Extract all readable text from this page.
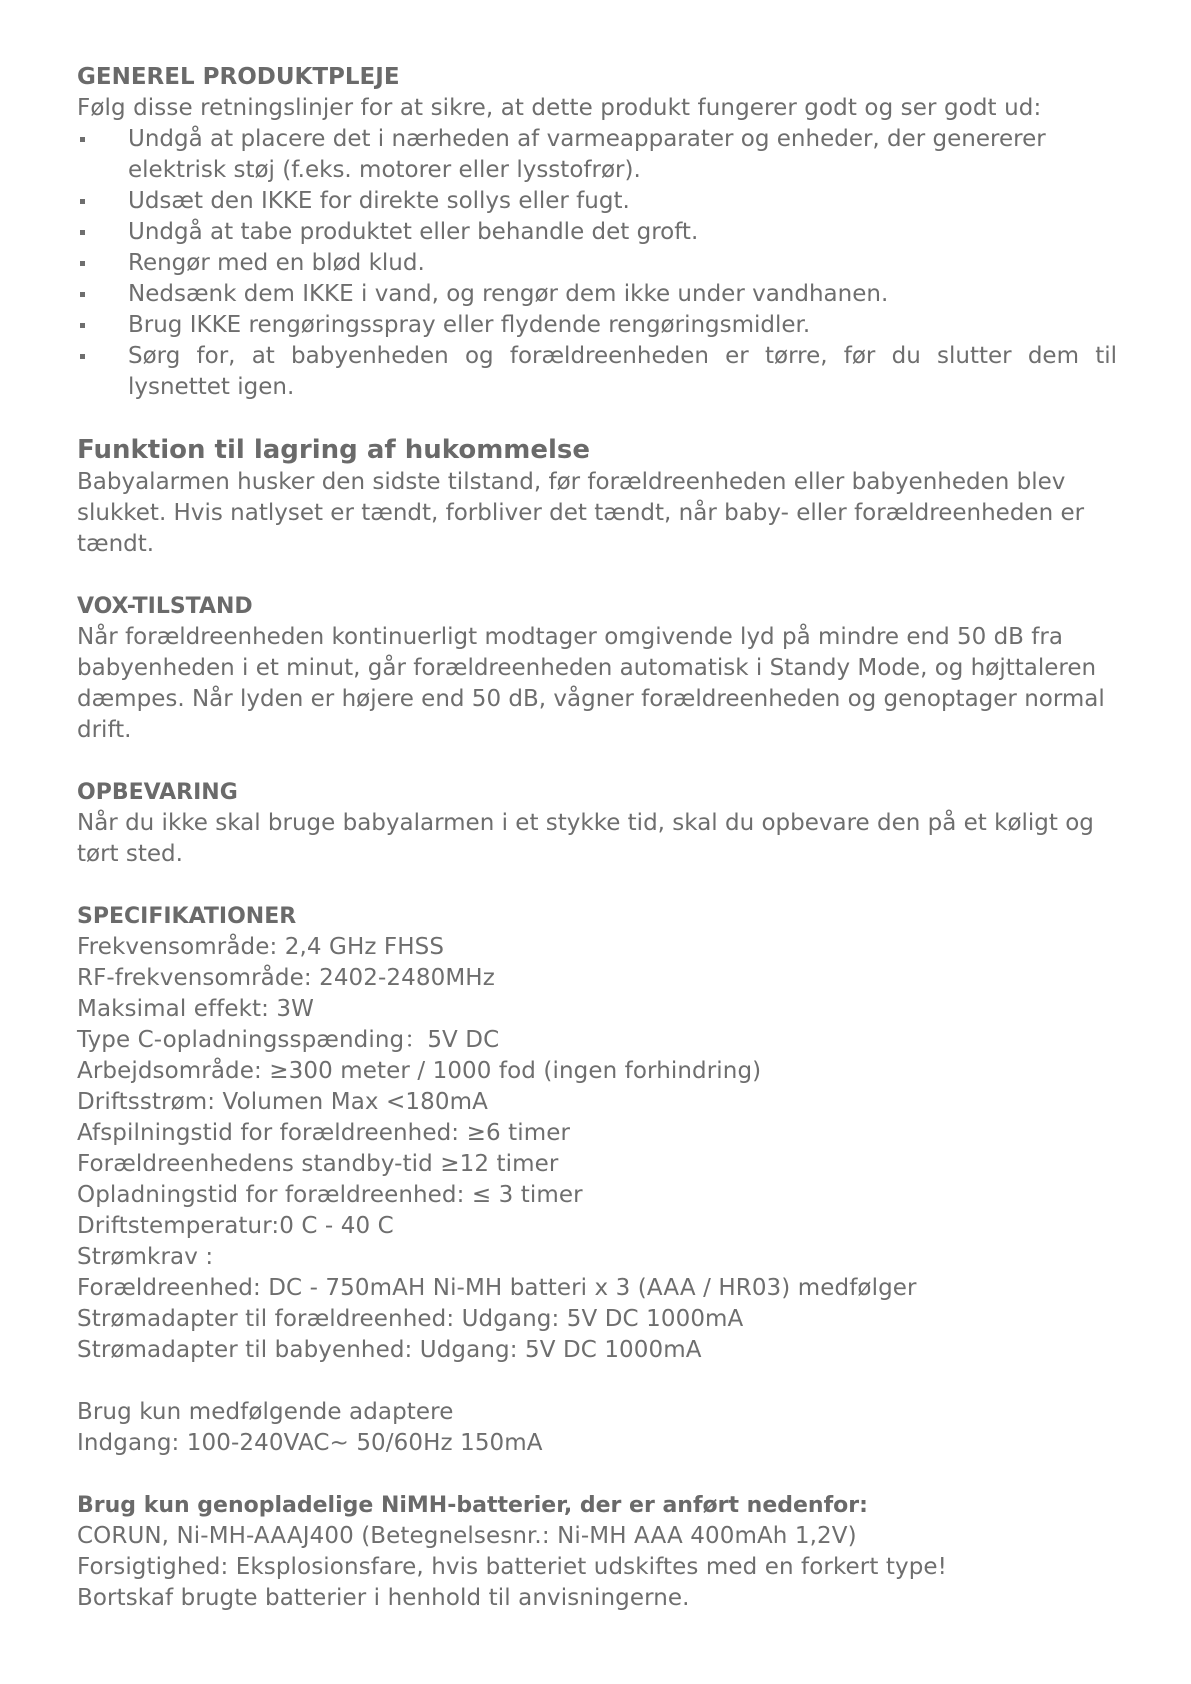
GENEREL PRODUKTPLEJE

Følg disse retningslinjer for at sikre, at dette produkt fungerer godt og ser godt ud:

Undgå at placere det i nærheden af varmeapparater og enheder, der genererer elektrisk støj (f.eks. motorer eller lysstofrør).
Udsæt den IKKE for direkte sollys eller fugt.
Undgå at tabe produktet eller behandle det groft.
Rengør med en blød klud.
Nedsænk dem IKKE i vand, og rengør dem ikke under vandhanen.
Brug IKKE rengøringsspray eller flydende rengøringsmidler.
Sørg for, at babyenheden og forældreenheden er tørre, før du slutter dem til lysnettet igen.

Funktion til lagring af hukommelse

Babyalarmen husker den sidste tilstand, før forældreenheden eller babyenheden blev slukket. Hvis natlyset er tændt, forbliver det tændt, når baby- eller forældreenheden er tændt.

VOX-TILSTAND

Når forældreenheden kontinuerligt modtager omgivende lyd på mindre end 50 dB fra babyenheden i et minut, går forældreenheden automatisk i Standy Mode, og højttaleren dæmpes. Når lyden er højere end 50 dB, vågner forældreenheden og genoptager normal drift.

OPBEVARING

Når du ikke skal bruge babyalarmen i et stykke tid, skal du opbevare den på et køligt og tørt sted.

SPECIFIKATIONER

Frekvensområde: 2,4 GHz FHSS

RF-frekvensområde: 2402-2480MHz

Maksimal effekt: 3W

Type C-opladningsspænding：5V DC

Arbejdsområde: ≥300 meter / 1000 fod (ingen forhindring)

Driftsstrøm: Volumen Max <180mA

Afspilningstid for forældreenhed: ≥6 timer

Forældreenhedens standby-tid ≥12 timer

Opladningstid for forældreenhed: ≤ 3 timer

Driftstemperatur:0 C - 40 C

Strømkrav :

Forældreenhed: DC - 750mAH Ni-MH batteri x 3 (AAA / HR03) medfølger

Strømadapter til forældreenhed: Udgang: 5V DC 1000mA

Strømadapter til babyenhed: Udgang: 5V DC 1000mA

Brug kun medfølgende adaptere

Indgang: 100-240VAC~ 50/60Hz 150mA

Brug kun genopladelige NiMH-batterier, der er anført nedenfor:

CORUN, Ni-MH-AAAJ400 (Betegnelsesnr.: Ni-MH AAA 400mAh 1,2V)

Forsigtighed: Eksplosionsfare, hvis batteriet udskiftes med en forkert type!

Bortskaf brugte batterier i henhold til anvisningerne.
